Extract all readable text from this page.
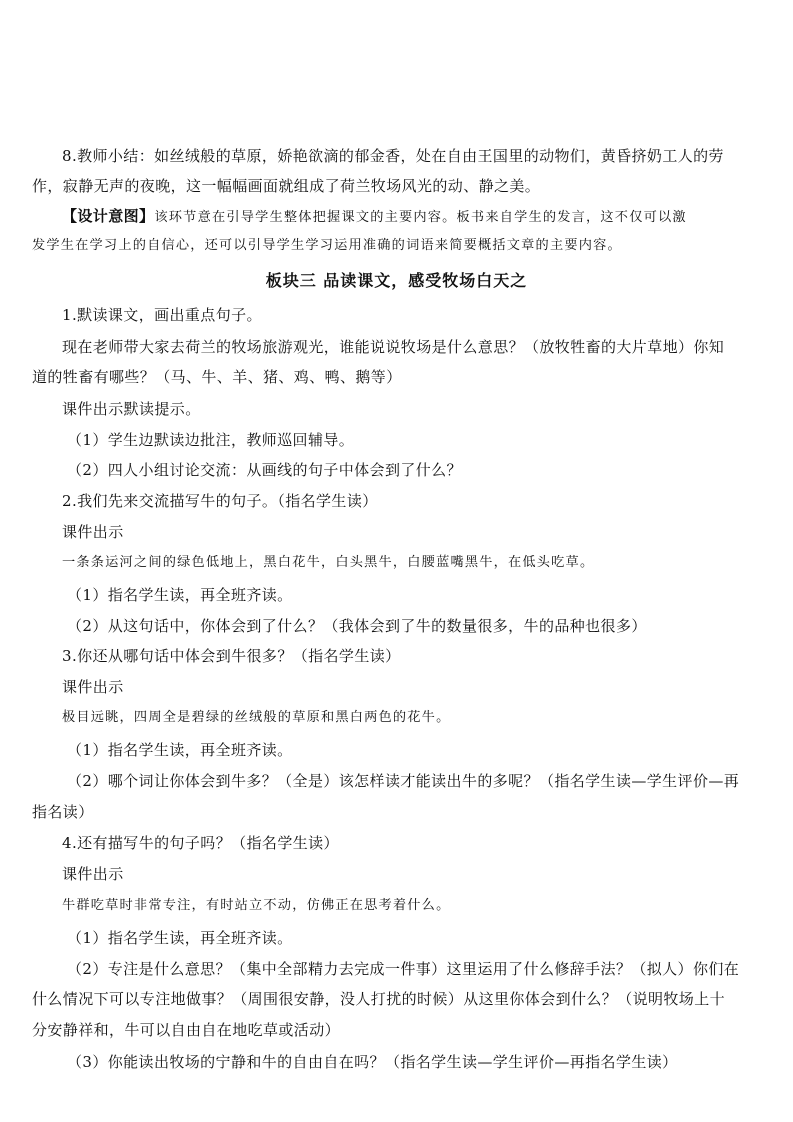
8.教师小结：如丝绒般的草原，娇艳欲滴的郁金香，处在自由王国里的动物们，黄昏挤奶工人的劳
作，寂静无声的夜晚，这一幅幅画面就组成了荷兰牧场风光的动、静之美。
【设计意图】该环节意在引导学生整体把握课文的主要内容。板书来自学生的发言，这不仅可以激
发学生在学习上的自信心，还可以引导学生学习运用准确的词语来简要概括文章的主要内容。
板块三 品读课文，感受牧场白天之
1.默读课文，画出重点句子。
现在老师带大家去荷兰的牧场旅游观光，谁能说说牧场是什么意思？（放牧牲畜的大片草地）你知
道的牲畜有哪些？（马、牛、羊、猪、鸡、鸭、鹅等）
课件出示默读提示。
（1）学生边默读边批注，教师巡回辅导。
（2）四人小组讨论交流：从画线的句子中体会到了什么？
2.我们先来交流描写牛的句子。（指名学生读）
课件出示
一条条运河之间的绿色低地上，黑白花牛，白头黑牛，白腰蓝嘴黑牛，在低头吃草。
（1）指名学生读，再全班齐读。
（2）从这句话中，你体会到了什么？（我体会到了牛的数量很多，牛的品种也很多）
3.你还从哪句话中体会到牛很多？（指名学生读）
课件出示
极目远眺，四周全是碧绿的丝绒般的草原和黑白两色的花牛。
（1）指名学生读，再全班齐读。
（2）哪个词让你体会到牛多？（全是）该怎样读才能读出牛的多呢？（指名学生读—学生评价—再
指名读）
4.还有描写牛的句子吗？（指名学生读）
课件出示
牛群吃草时非常专注，有时站立不动，仿佛正在思考着什么。
（1）指名学生读，再全班齐读。
（2）专注是什么意思？（集中全部精力去完成一件事）这里运用了什么修辞手法？（拟人）你们在
什么情况下可以专注地做事？（周围很安静，没人打扰的时候）从这里你体会到什么？（说明牧场上十
分安静祥和，牛可以自由自在地吃草或活动）
（3）你能读出牧场的宁静和牛的自由自在吗？（指名学生读—学生评价—再指名学生读）
